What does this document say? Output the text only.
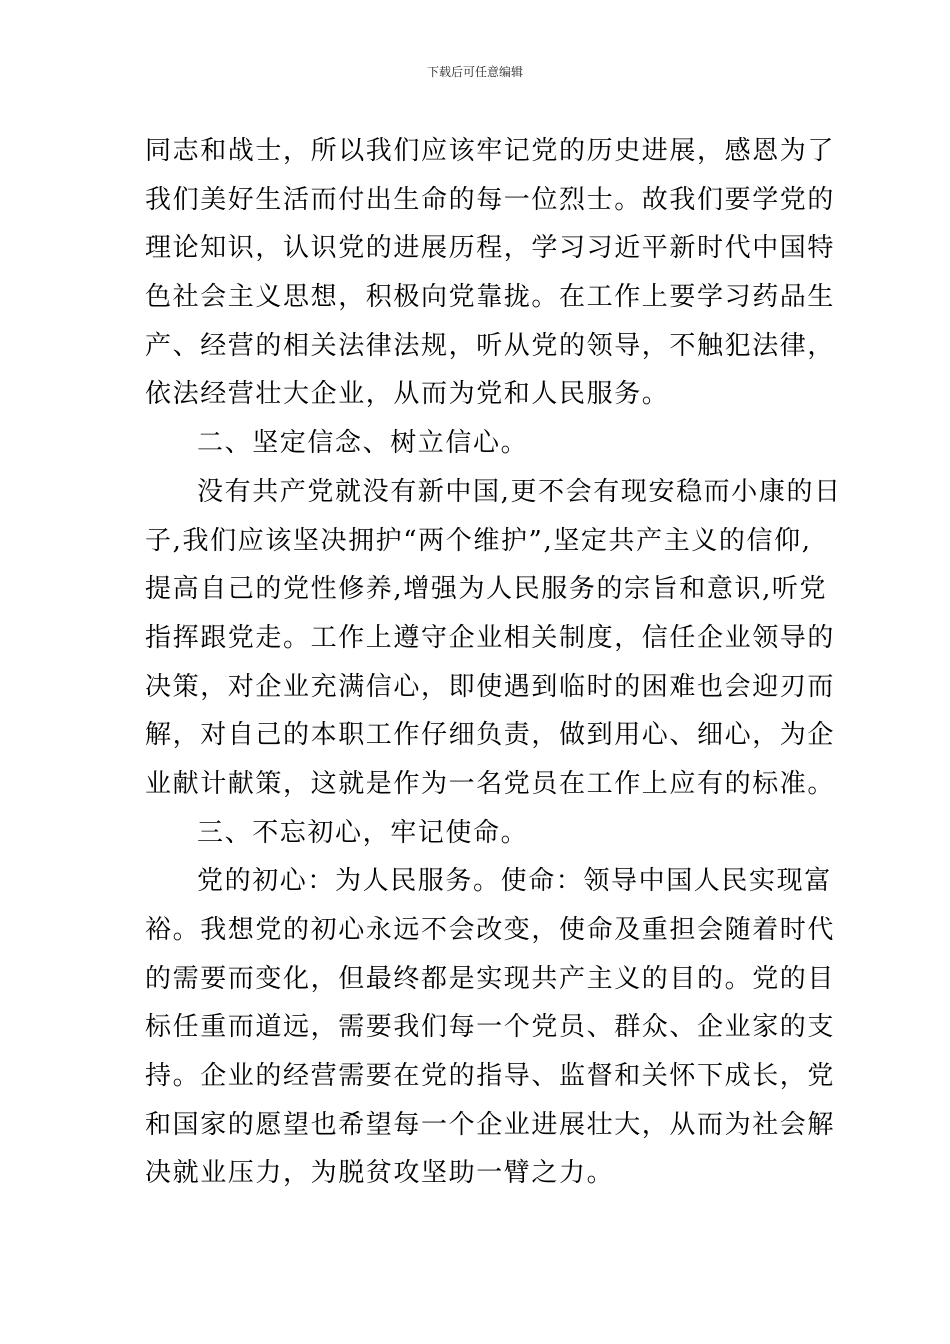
下载后可任意编辑
同志和战士，所以我们应该牢记党的历史进展，感恩为了
我们美好生活而付出生命的每一位烈士。故我们要学党的
理论知识，认识党的进展历程，学习习近平新时代中国特
色社会主义思想，积极向党靠拢。在工作上要学习药品生
产、经营的相关法律法规，听从党的领导，不触犯法律，
依法经营壮大企业，从而为党和人民服务。
二、坚定信念、树立信心。
没有共产党就没有新中国,更不会有现安稳而小康的日
子,我们应该坚决拥护“两个维护”,坚定共产主义的信仰,
提高自己的党性修养,增强为人民服务的宗旨和意识,听党
指挥跟党走。工作上遵守企业相关制度，信任企业领导的
决策，对企业充满信心，即使遇到临时的困难也会迎刃而
解，对自己的本职工作仔细负责，做到用心、细心，为企
业献计献策，这就是作为一名党员在工作上应有的标准。
三、不忘初心，牢记使命。
党的初心：为人民服务。使命：领导中国人民实现富
裕。我想党的初心永远不会改变，使命及重担会随着时代
的需要而变化，但最终都是实现共产主义的目的。党的目
标任重而道远，需要我们每一个党员、群众、企业家的支
持。企业的经营需要在党的指导、监督和关怀下成长，党
和国家的愿望也希望每一个企业进展壮大，从而为社会解
决就业压力，为脱贫攻坚助一臂之力。
